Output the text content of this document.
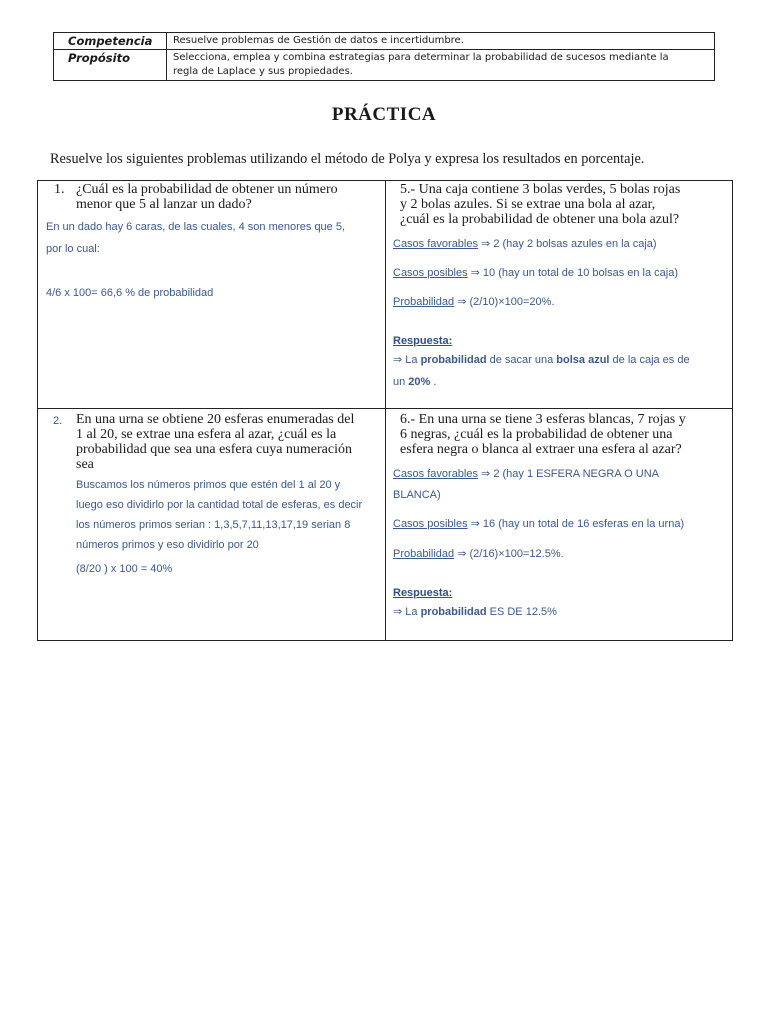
Competencia	Resuelve problemas de Gestión de datos e incertidumbre.
Propósito	Selecciona, emplea y combina estrategias para determinar la probabilidad de sucesos mediante la
regla de Laplace y sus propiedades.
PRÁCTICA
Resuelve los siguientes problemas utilizando el método de Polya y expresa los resultados en porcentaje.
1. ¿Cuál es la probabilidad de obtener un número

menor que 5 al lanzar un dado?

En un dado hay 6 caras, de las cuales, 4 son menores que 5,

por lo cual:

4/6 x 100= 66,6 % de probabilidad

5.- Una caja contiene 3 bolas verdes, 5 bolas rojas

y 2 bolas azules. Si se extrae una bola al azar,

¿cuál es la probabilidad de obtener una bola azul?

Casos favorables ⇒ 2 (hay 2 bolsas azules en la caja)

Casos posibles ⇒ 10 (hay un total de 10 bolsas en la caja)

Probabilidad ⇒ (2/10)×100=20%.

Respuesta:

⇒ La probabilidad de sacar una bolsa azul de la caja es de

un 20% .

2. En una urna se obtiene 20 esferas enumeradas del

1 al 20, se extrae una esfera al azar, ¿cuál es la

probabilidad que sea una esfera cuya numeración

sea

Buscamos los números primos que estén del 1 al 20 y

luego eso dividirlo por la cantidad total de esferas, es decir

los números primos serian : 1,3,5,7,11,13,17,19 serian 8

números primos y eso dividirlo por 20

(8/20 ) x 100 = 40%

6.- En una urna se tiene 3 esferas blancas, 7 rojas y

6 negras, ¿cuál es la probabilidad de obtener una

esfera negra o blanca al extraer una esfera al azar?

Casos favorables ⇒ 2 (hay 1 ESFERA NEGRA O UNA

BLANCA)

Casos posibles ⇒ 16 (hay un total de 16 esferas en la urna)

Probabilidad ⇒ (2/16)×100=12.5%.

Respuesta:

⇒ La probabilidad ES DE 12.5%
